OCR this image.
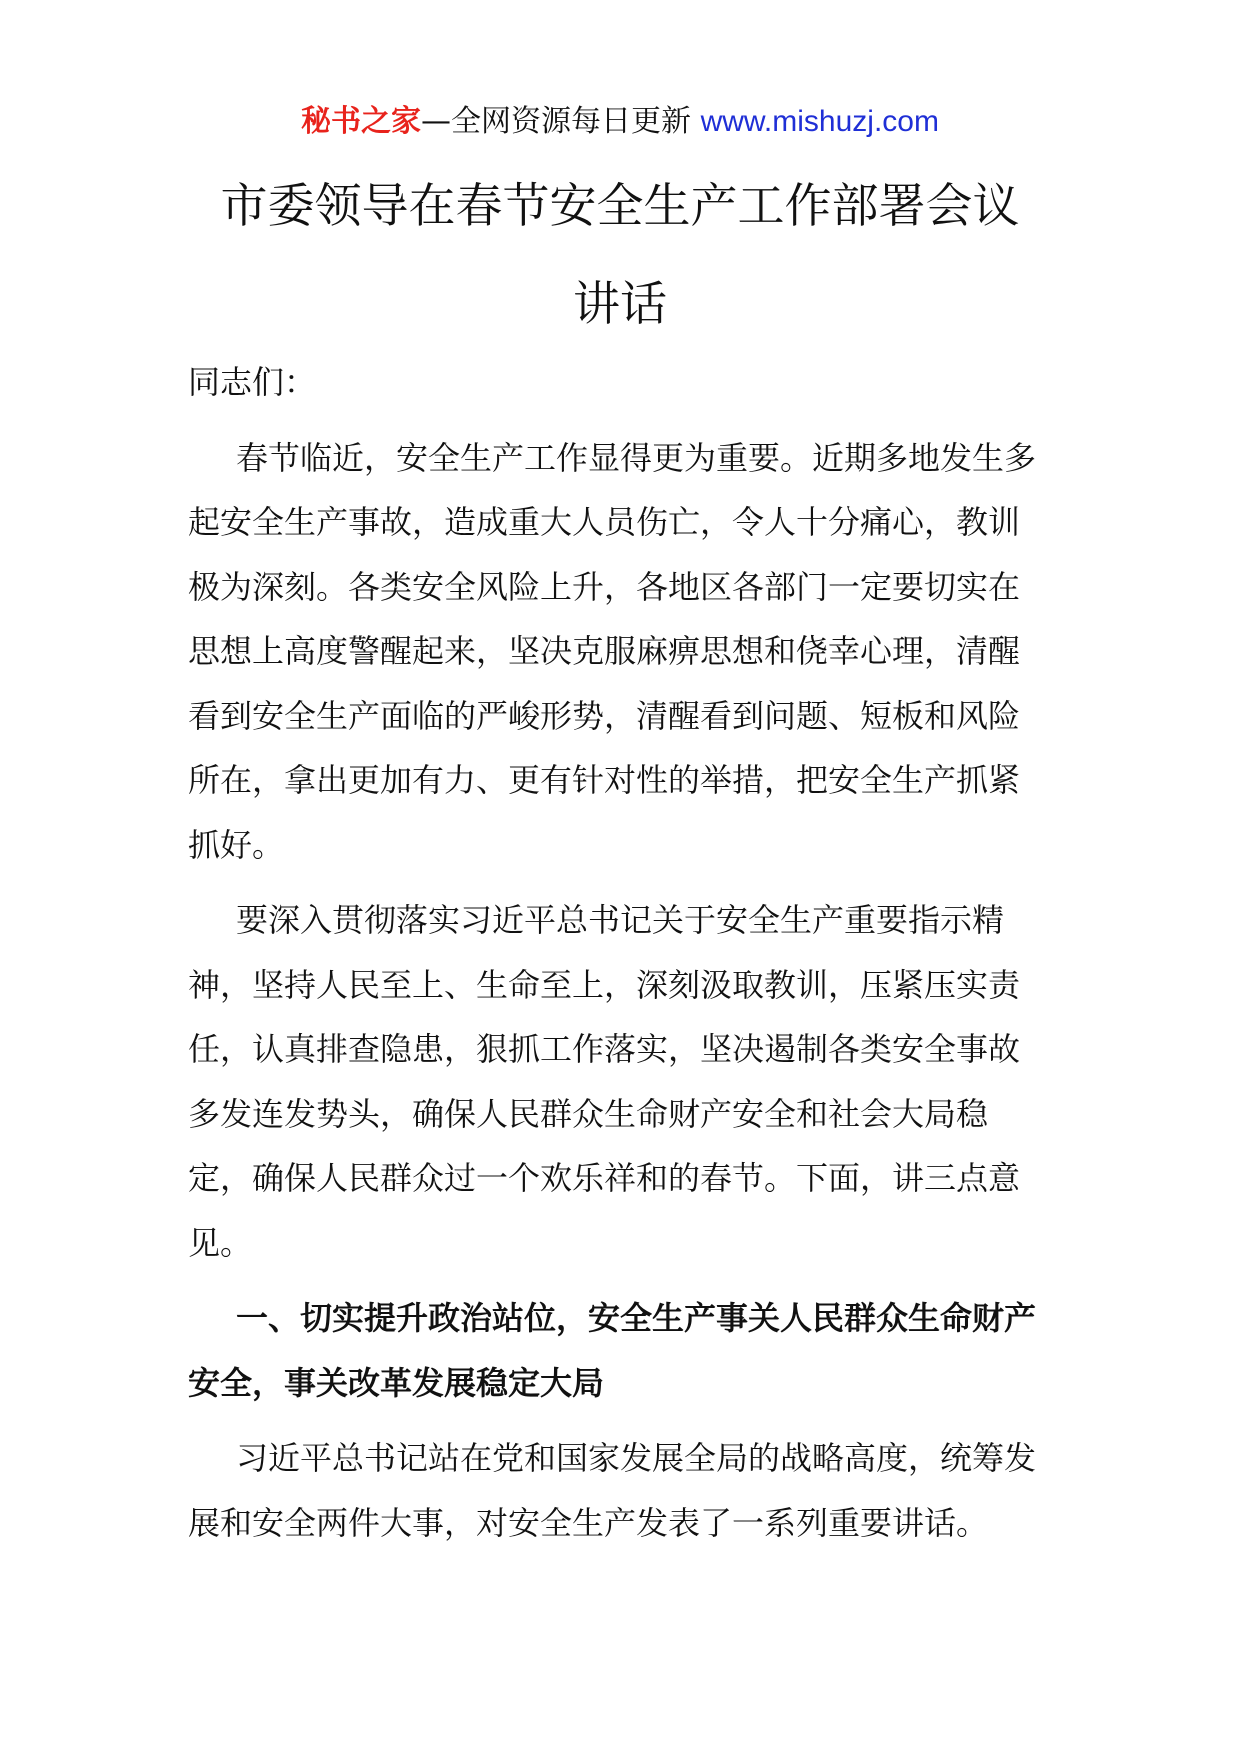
秘书之家—全网资源每日更新 www.mishuzj.com
市委领导在春节安全生产工作部署会议
讲话

同志们：

春节临近，安全生产工作显得更为重要。近期多地发生多起安全生产事故，造成重大人员伤亡，令人十分痛心，教训极为深刻。各类安全风险上升，各地区各部门一定要切实在思想上高度警醒起来，坚决克服麻痹思想和侥幸心理，清醒看到安全生产面临的严峻形势，清醒看到问题、短板和风险所在，拿出更加有力、更有针对性的举措，把安全生产抓紧抓好。

要深入贯彻落实习近平总书记关于安全生产重要指示精神，坚持人民至上、生命至上，深刻汲取教训，压紧压实责任，认真排查隐患，狠抓工作落实，坚决遏制各类安全事故多发连发势头，确保人民群众生命财产安全和社会大局稳定，确保人民群众过一个欢乐祥和的春节。下面，讲三点意见。

一、切实提升政治站位，安全生产事关人民群众生命财产安全，事关改革发展稳定大局

习近平总书记站在党和国家发展全局的战略高度，统筹发展和安全两件大事，对安全生产发表了一系列重要讲话。
